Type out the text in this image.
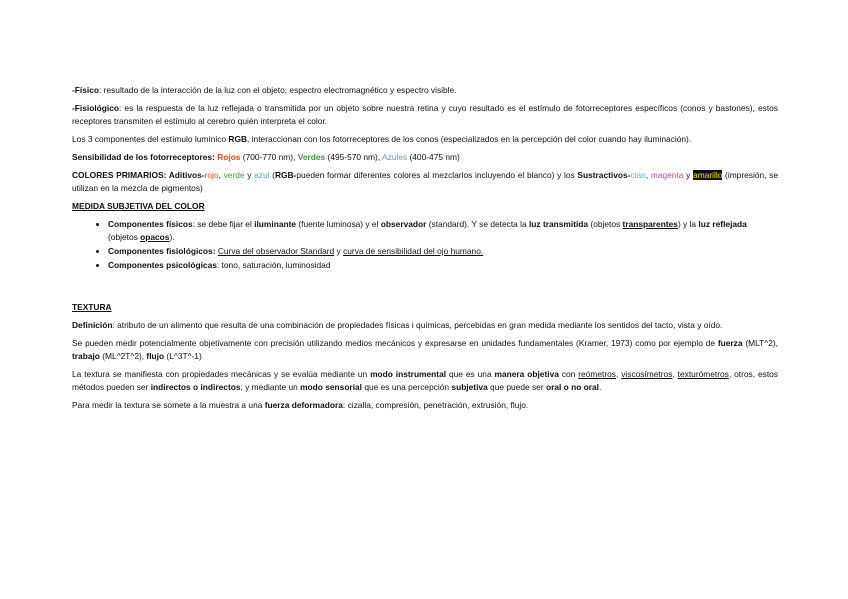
-Físico: resultado de la interacción de la luz con el objeto; espectro electromagnético y espectro visible.

-Fisiológico: es la respuesta de la luz reflejada o transmitida por un objeto sobre nuestra retina y cuyo resultado es el estímulo de fotorreceptores específicos (conos y bastones), estos receptores transmiten el estímulo al cerebro quién interpreta el color.

Los 3 componentes del estímulo lumínico RGB, interaccionan con los fotorreceptores de los conos (especializados en la percepción del color cuando hay iluminación).

Sensibilidad de los fotorreceptores: Rojos (700-770 nm), Verdes (495-570 nm), Azules (400-475 nm)

COLORES PRIMARIOS: Aditivos-rojo, verde y azul (RGB-pueden formar diferentes colores al mezclarlos incluyendo el blanco) y los Sustractivos-cian, magenta y amarillo (impresión, se utilizan en la mezcla de pigmentos)

MEDIDA SUBJETIVA DEL COLOR
• Componentes físicos: se debe fijar el iluminante (fuente luminosa) y el observador (standard). Y se detecta la luz transmitida (objetos transparentes) y la luz reflejada (objetos opacos).
• Componentes fisiológicos: Curva del observador Standard y curva de sensibilidad del ojo humano.
• Componentes psicológicas: tono, saturación, luminosidad
TEXTURA

Definición: atributo de un alimento que resulta de una combinación de propiedades físicas i químicas, percebidas en gran medida mediante los sentidos del tacto, vista y oído.

Se pueden medir potencialmente objetivamente con precisión utilizando medios mecánicos y expresarse en unidades fundamentales (Kramer, 1973) como por ejemplo de fuerza (MLT^2), trabajo (ML^2T^2), flujo (L^3T^-1)

La textura se manifiesta con propiedades mecánicas y se evalúa mediante un modo instrumental que es una manera objetiva con reómetros, viscosímetros, texturómetros, otros, estos métodos pueden ser indirectos o indirectos; y mediante un modo sensorial que es una percepción subjetiva que puede ser oral o no oral.

Para medir la textura se somete a la muestra a una fuerza deformadora: cizalla, compresión, penetración, extrusión, flujo.
